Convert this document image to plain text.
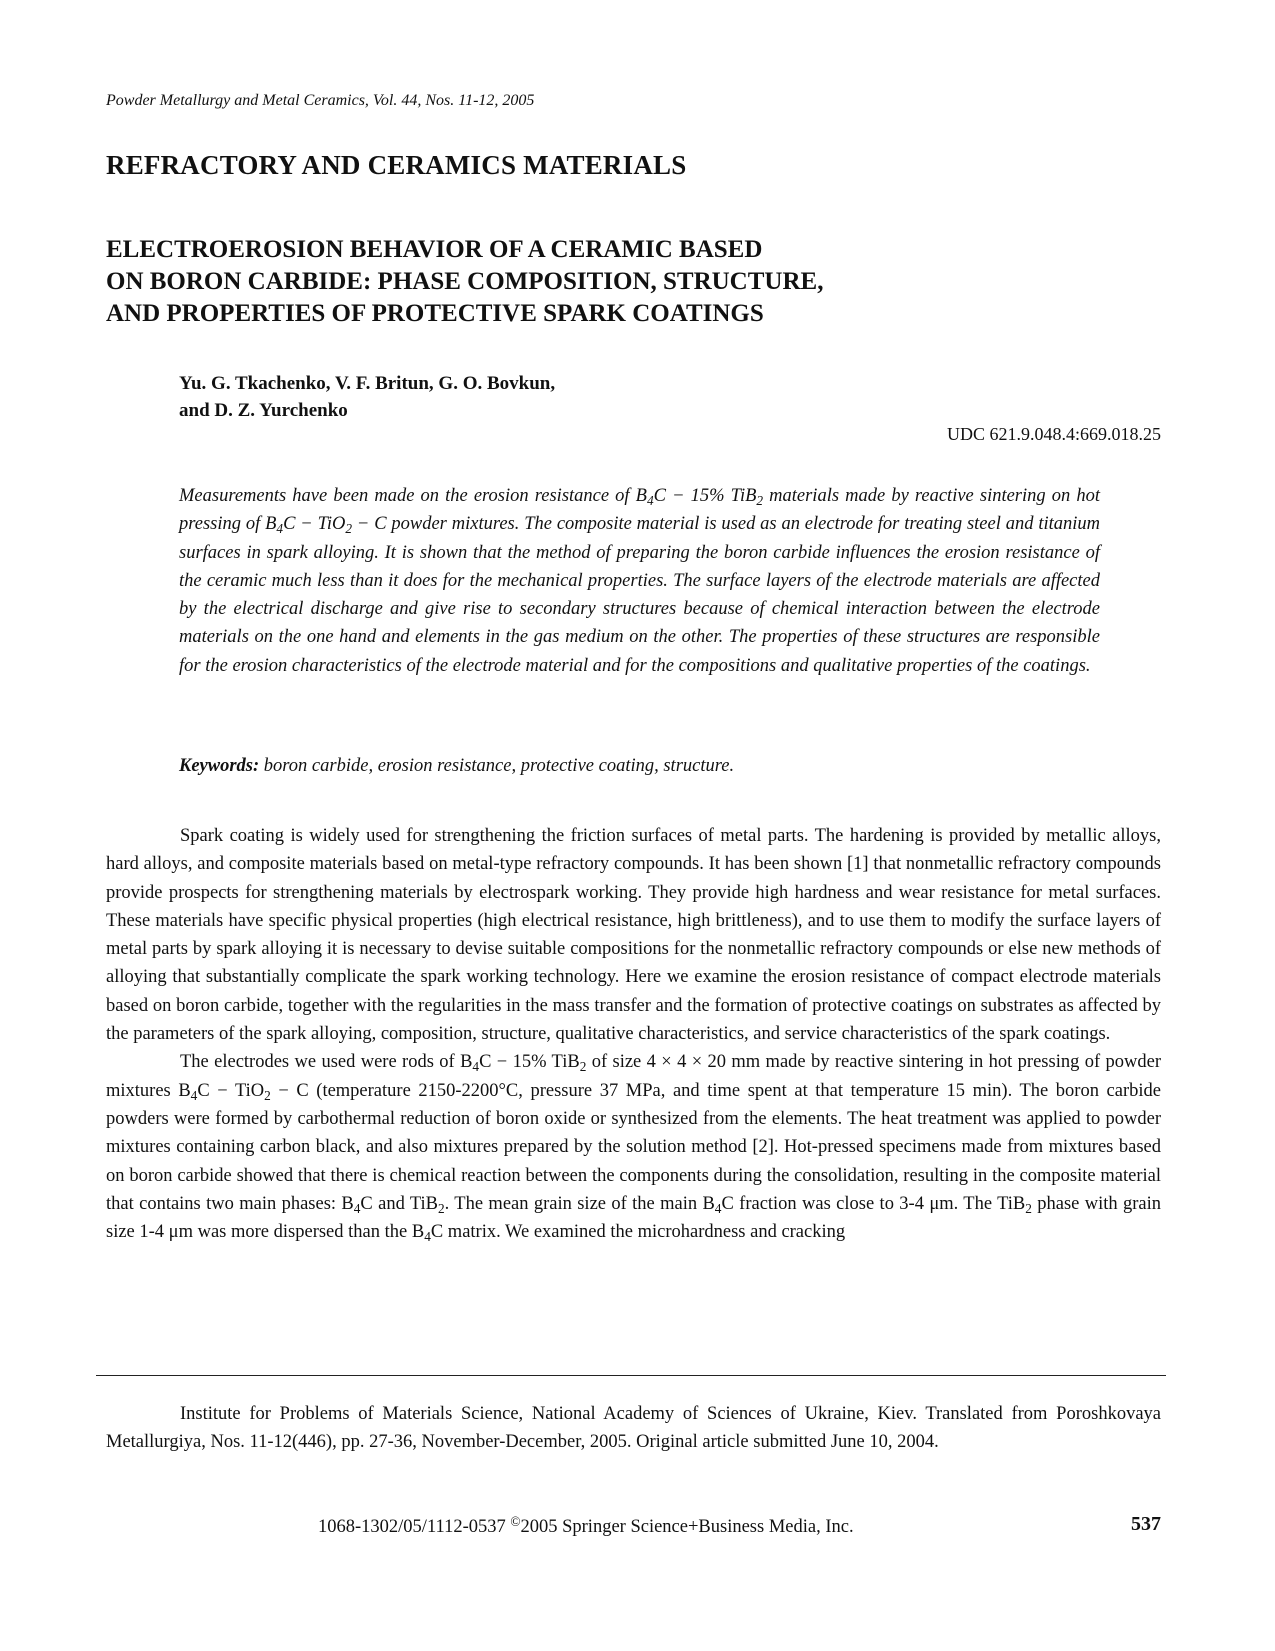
Powder Metallurgy and Metal Ceramics, Vol. 44, Nos. 11-12, 2005
REFRACTORY AND CERAMICS MATERIALS
ELECTROEROSION BEHAVIOR OF A CERAMIC BASED
ON BORON CARBIDE: PHASE COMPOSITION, STRUCTURE,
AND PROPERTIES OF PROTECTIVE SPARK COATINGS
Yu. G. Tkachenko, V. F. Britun, G. O. Bovkun,
and D. Z. Yurchenko
UDC 621.9.048.4:669.018.25
Measurements have been made on the erosion resistance of $B_4C - 15\%$ TiB$_2$ materials made by reactive sintering on hot pressing of $B_4C - TiO_2 - C$ powder mixtures. The composite material is used as an electrode for treating steel and titanium surfaces in spark alloying. It is shown that the method of preparing the boron carbide influences the erosion resistance of the ceramic much less than it does for the mechanical properties. The surface layers of the electrode materials are affected by the electrical discharge and give rise to secondary structures because of chemical interaction between the electrode materials on the one hand and elements in the gas medium on the other. The properties of these structures are responsible for the erosion characteristics of the electrode material and for the compositions and qualitative properties of the coatings.
Keywords: boron carbide, erosion resistance, protective coating, structure.

Spark coating is widely used for strengthening the friction surfaces of metal parts. The hardening is provided by metallic alloys, hard alloys, and composite materials based on metal-type refractory compounds. It has been shown [1] that nonmetallic refractory compounds provide prospects for strengthening materials by electrospark working. They provide high hardness and wear resistance for metal surfaces. These materials have specific physical properties (high electrical resistance, high brittleness), and to use them to modify the surface layers of metal parts by spark alloying it is necessary to devise suitable compositions for the nonmetallic refractory compounds or else new methods of alloying that substantially complicate the spark working technology. Here we examine the erosion resistance of compact electrode materials based on boron carbide, together with the regularities in the mass transfer and the formation of protective coatings on substrates as affected by the parameters of the spark alloying, composition, structure, qualitative characteristics, and service characteristics of the spark coatings.

The electrodes we used were rods of $B_4C - 15\%$ TiB$_2$ of size 4 × 4 × 20 mm made by reactive sintering in hot pressing of powder mixtures $B_4C - TiO_2 - C$ (temperature 2150-2200°C, pressure 37 MPa, and time spent at that temperature 15 min). The boron carbide powders were formed by carbothermal reduction of boron oxide or synthesized from the elements. The heat treatment was applied to powder mixtures containing carbon black, and also mixtures prepared by the solution method [2]. Hot-pressed specimens made from mixtures based on boron carbide showed that there is chemical reaction between the components during the consolidation, resulting in the composite material that contains two main phases: $B_4C$ and TiB$_2$. The mean grain size of the main $B_4C$ fraction was close to 3-4 μm. The TiB$_2$ phase with grain size 1-4 μm was more dispersed than the $B_4C$ matrix. We examined the microhardness and cracking

Institute for Problems of Materials Science, National Academy of Sciences of Ukraine, Kiev. Translated from Poroshkovaya Metallurgiya, Nos. 11-12(446), pp. 27-36, November-December, 2005. Original article submitted June 10, 2004.
1068-1302/05/1112-0537 ©2005 Springer Science+Business Media, Inc.	537
